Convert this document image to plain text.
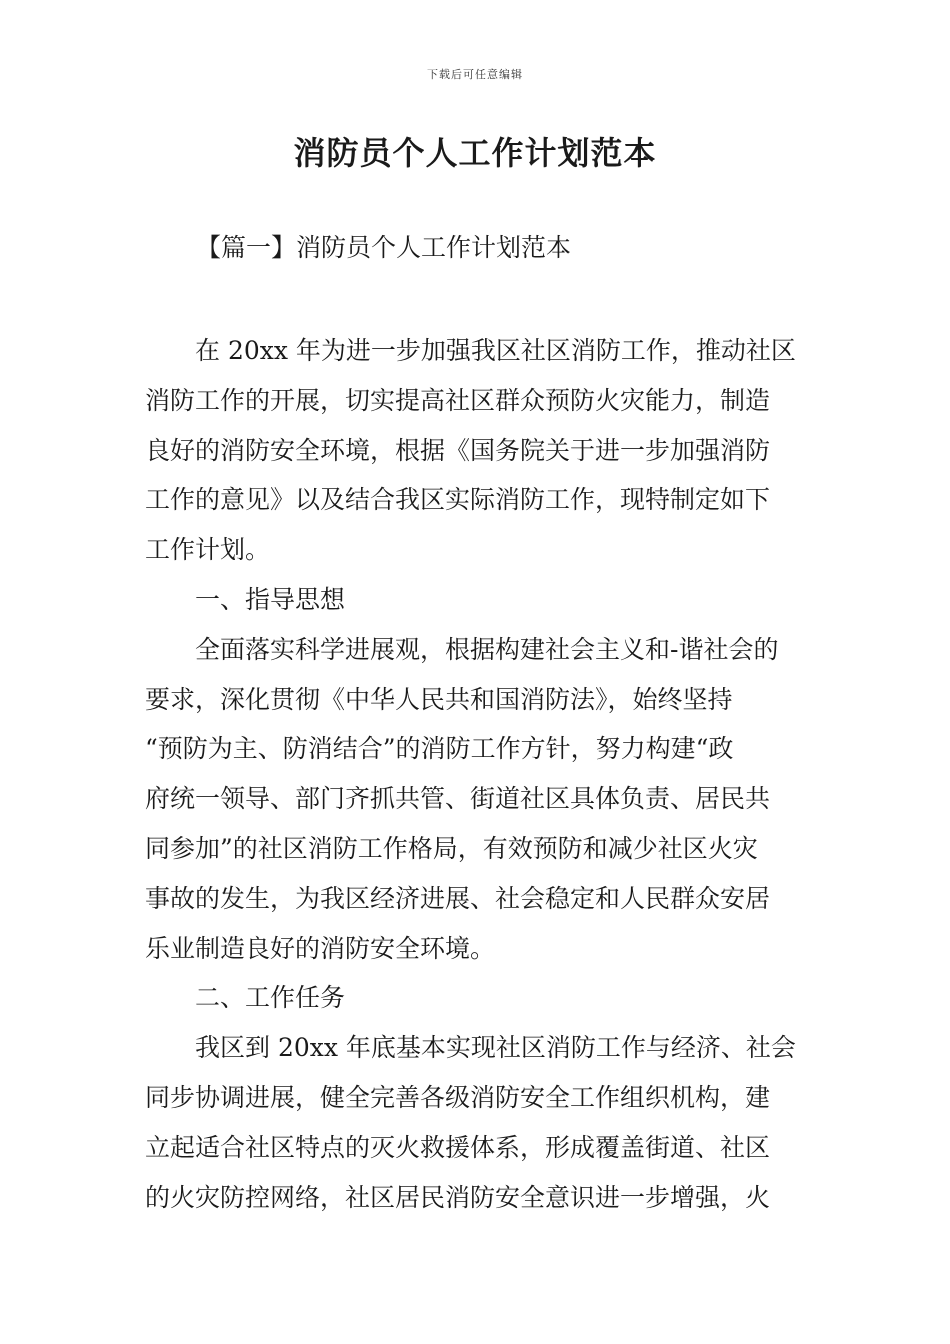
下载后可任意编辑
消防员个人工作计划范本
【篇一】消防员个人工作计划范本
在 20xx 年为进一步加强我区社区消防工作，推动社区
消防工作的开展，切实提高社区群众预防火灾能力，制造
良好的消防安全环境，根据《国务院关于进一步加强消防
工作的意见》以及结合我区实际消防工作，现特制定如下
工作计划。
一、指导思想
全面落实科学进展观，根据构建社会主义和-谐社会的
要求，深化贯彻《中华人民共和国消防法》，始终坚持
“预防为主、防消结合”的消防工作方针，努力构建“政
府统一领导、部门齐抓共管、街道社区具体负责、居民共
同参加”的社区消防工作格局，有效预防和减少社区火灾
事故的发生，为我区经济进展、社会稳定和人民群众安居
乐业制造良好的消防安全环境。
二、工作任务
我区到 20xx 年底基本实现社区消防工作与经济、社会
同步协调进展，健全完善各级消防安全工作组织机构，建
立起适合社区特点的灭火救援体系，形成覆盖街道、社区
的火灾防控网络，社区居民消防安全意识进一步增强，火
